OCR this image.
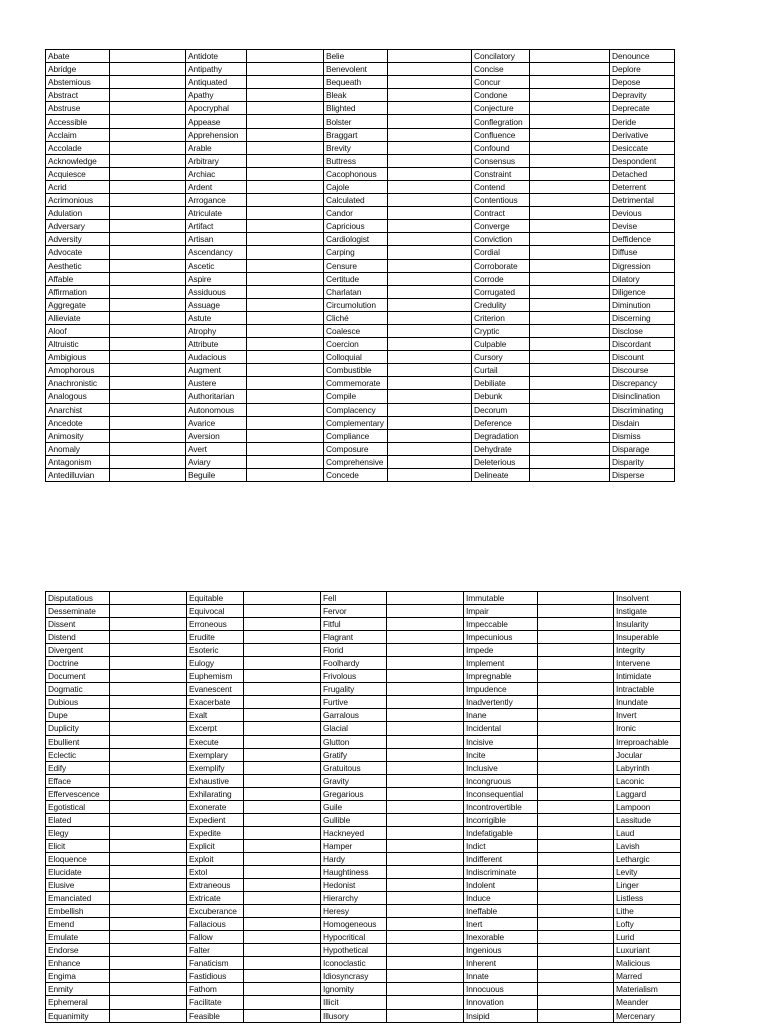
Abate		Antidote		Belie		Concilatory		Denounce
Abridge		Antipathy		Benevolent		Concise		Deplore
Abstemious		Antiquated		Bequeath		Concur		Depose
Abstract		Apathy		Bleak		Condone		Depravity
Abstruse		Apocryphal		Blighted		Conjecture		Deprecate
Accessible		Appease		Bolster		Conflegration		Deride
Acclaim		Apprehension		Braggart		Confluence		Derivative
Accolade		Arable		Brevity		Confound		Desiccate
Acknowledge		Arbitrary		Buttress		Consensus		Despondent
Acquiesce		Archiac		Cacophonous		Constraint		Detached
Acrid		Ardent		Cajole		Contend		Deterrent
Acrimonious		Arrogance		Calculated		Contentious		Detrimental
Adulation		Atriculate		Candor		Contract		Devious
Adversary		Artifact		Capricious		Converge		Devise
Adversity		Artisan		Cardiologist		Conviction		Deffidence
Advocate		Ascendancy		Carping		Cordial		Diffuse
Aesthetic		Ascetic		Censure		Corroborate		Digression
Affable		Aspire		Certitude		Corrode		Dilatory
Affirmation		Assiduous		Charlatan		Corrugated		Diligence
Aggregate		Assuage		Circumolution		Credulity		Diminution
Allieviate		Astute		Cliché		Criterion		Discerning
Aloof		Atrophy		Coalesce		Cryptic		Disclose
Altruistic		Attribute		Coercion		Culpable		Discordant
Ambigious		Audacious		Colloquial		Cursory		Discount
Amophorous		Augment		Combustible		Curtail		Discourse
Anachronistic		Austere		Commemorate		Debiliate		Discrepancy
Analogous		Authoritarian		Compile		Debunk		Disinclination
Anarchist		Autonomous		Complacency		Decorum		Discriminating
Ancedote		Avarice		Complementary		Deference		Disdain
Animosity		Aversion		Compliance		Degradation		Dismiss
Anomaly		Avert		Composure		Dehydrate		Disparage
Antagonism		Aviary		Comprehensive		Deleterious		Disparity
Antedilluvian		Beguile		Concede		Delineate		Disperse
Disputatious		Equitable		Fell		Immutable		Insolvent
Desseminate		Equivocal		Fervor		Impair		Instigate
Dissent		Erroneous		Fitful		Impeccable		Insularity
Distend		Erudite		Flagrant		Impecunious		Insuperable
Divergent		Esoteric		Florid		Impede		Integrity
Doctrine		Eulogy		Foolhardy		Implement		Intervene
Document		Euphemism		Frivolous		Impregnable		Intimidate
Dogmatic		Evanescent		Frugality		Impudence		Intractable
Dubious		Exacerbate		Furtive		Inadvertently		Inundate
Dupe		Exalt		Garralous		Inane		Invert
Duplicity		Excerpt		Glacial		Incidental		Ironic
Ebullient		Execute		Glutton		Incisive		Irreproachable
Eclectic		Exemplary		Gratify		Incite		Jocular
Edify		Exemplify		Gratuitous		Inclusive		Labyrinth
Efface		Exhaustive		Gravity		Incongruous		Laconic
Effervescence		Exhilarating		Gregarious		Inconsequential		Laggard
Egotistical		Exonerate		Guile		Incontrovertible		Lampoon
Elated		Expedient		Gullible		Incorrigible		Lassitude
Elegy		Expedite		Hackneyed		Indefatigable		Laud
Elicit		Explicit		Hamper		Indict		Lavish
Eloquence		Exploit		Hardy		Indifferent		Lethargic
Elucidate		Extol		Haughtiness		Indiscriminate		Levity
Elusive		Extraneous		Hedonist		Indolent		Linger
Emanciated		Extricate		Hierarchy		Induce		Listless
Embellish		Excuberance		Heresy		Ineffable		Lithe
Emend		Fallacious		Homogeneous		Inert		Lofty
Emulate		Fallow		Hypocritical		Inexorable		Lurid
Endorse		Falter		Hypothetical		Ingenious		Luxuriant
Enhance		Fanaticism		Iconoclastic		Inherent		Malicious
Engima		Fastidious		Idiosyncrasy		Innate		Marred
Enmity		Fathom		Ignomity		Innocuous		Materialism
Ephemeral		Facilitate		Illicit		Innovation		Meander
Equanimity		Feasible		Illusory		Insipid		Mercenary
